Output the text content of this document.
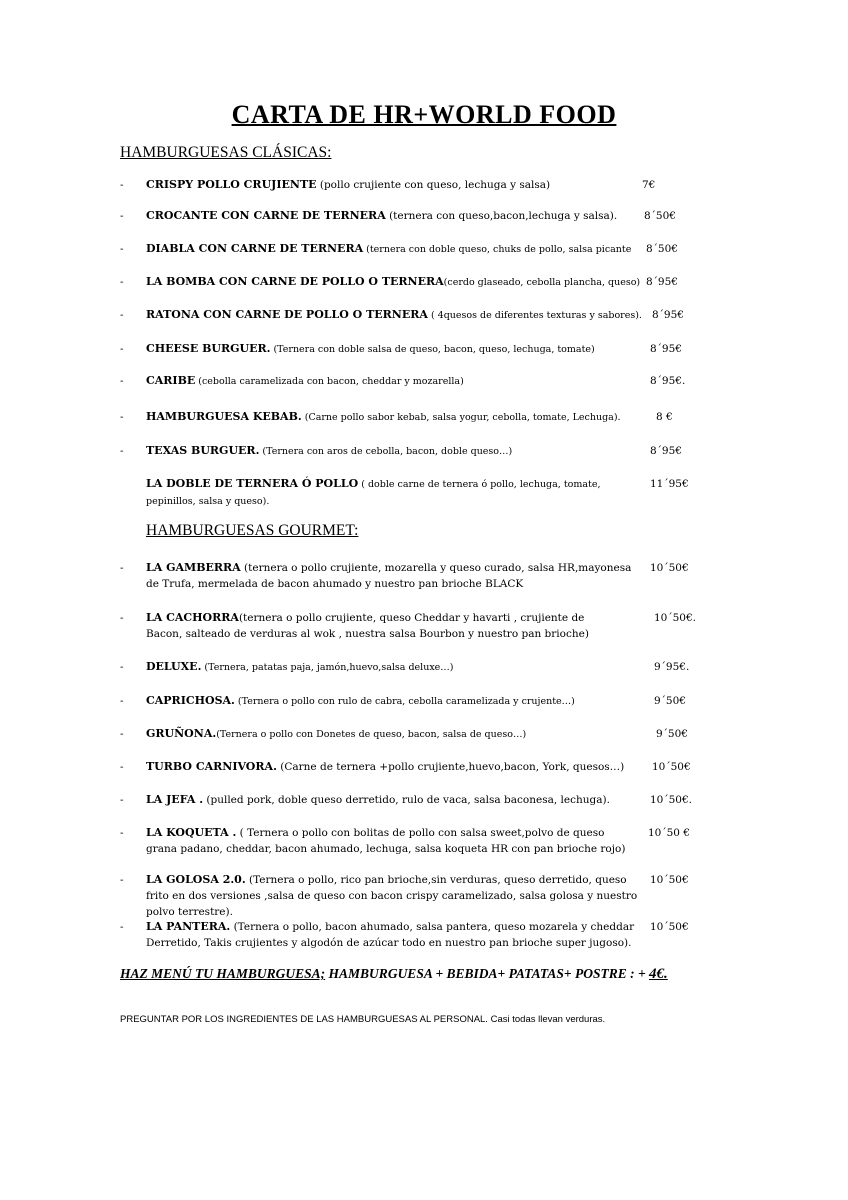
CARTA DE HR+WORLD FOOD
HAMBURGUESAS CLÁSICAS:
- CRISPY POLLO CRUJIENTE (pollo crujiente con queso, lechuga y salsa)	7€
- CROCANTE CON CARNE DE TERNERA (ternera con queso,bacon,lechuga y salsa).	8´50€
- DIABLA CON CARNE DE TERNERA (ternera con doble queso, chuks de pollo, salsa picante	8´50€
- LA BOMBA CON CARNE DE POLLO O TERNERA(cerdo glaseado, cebolla plancha, queso) 8´95€
- RATONA CON CARNE DE POLLO O TERNERA ( 4quesos de diferentes texturas y sabores). 8´95€
- CHEESE BURGUER. (Ternera con doble salsa de queso, bacon, queso, lechuga, tomate)	8´95€
- CARIBE (cebolla caramelizada con bacon, cheddar y mozarella)	8´95€.
- HAMBURGUESA KEBAB. (Carne pollo sabor kebab, salsa yogur, cebolla, tomate, Lechuga).	8 €
- TEXAS BURGUER. (Ternera con aros de cebolla, bacon, doble queso…)	8´95€
LA DOBLE DE TERNERA Ó POLLO ( doble carne de ternera ó pollo, lechuga, tomate, pepinillos, salsa y queso).
11´95€
HAMBURGUESAS GOURMET:
- LA GAMBERRA (ternera o pollo crujiente, mozarella y queso curado, salsa HR,mayonesa de Trufa, mermelada de bacon ahumado y nuestro pan brioche BLACK
10´50€
- LA CACHORRA(ternera o pollo crujiente, queso Cheddar y havarti , crujiente de Bacon, salteado de verduras al wok , nuestra salsa Bourbon y nuestro pan brioche)
10´50€.
- DELUXE. (Ternera, patatas paja, jamón,huevo,salsa deluxe…)	9´95€.
- CAPRICHOSA. (Ternera o pollo con rulo de cabra, cebolla caramelizada y crujente…)	9´50€
- GRUÑONA.(Ternera o pollo con Donetes de queso, bacon, salsa de queso…)	9´50€
- TURBO CARNIVORA. (Carne de ternera +pollo crujiente,huevo,bacon, York, quesos…)	10´50€
- LA JEFA . (pulled pork, doble queso derretido, rulo de vaca, salsa baconesa, lechuga).	10´50€.
- LA KOQUETA . ( Ternera o pollo con bolitas de pollo con salsa sweet,polvo de queso grana padano, cheddar, bacon ahumado, lechuga, salsa koqueta HR con pan brioche rojo)
10´50 €
- LA GOLOSA 2.0. (Ternera o pollo, rico pan brioche,sin verduras, queso derretido, queso frito en dos versiones ,salsa de queso con bacon crispy caramelizado, salsa golosa y nuestro polvo terrestre).
10´50€
- LA PANTERA. (Ternera o pollo, bacon ahumado, salsa pantera, queso mozarela y cheddar Derretido, Takis crujientes y algodón de azúcar todo en nuestro pan brioche super jugoso).
10´50€
HAZ MENÚ TU HAMBURGUESA; HAMBURGUESA + BEBIDA+ PATATAS+ POSTRE : + 4€.
PREGUNTAR POR LOS INGREDIENTES DE LAS HAMBURGUESAS AL PERSONAL. Casi todas llevan verduras.
